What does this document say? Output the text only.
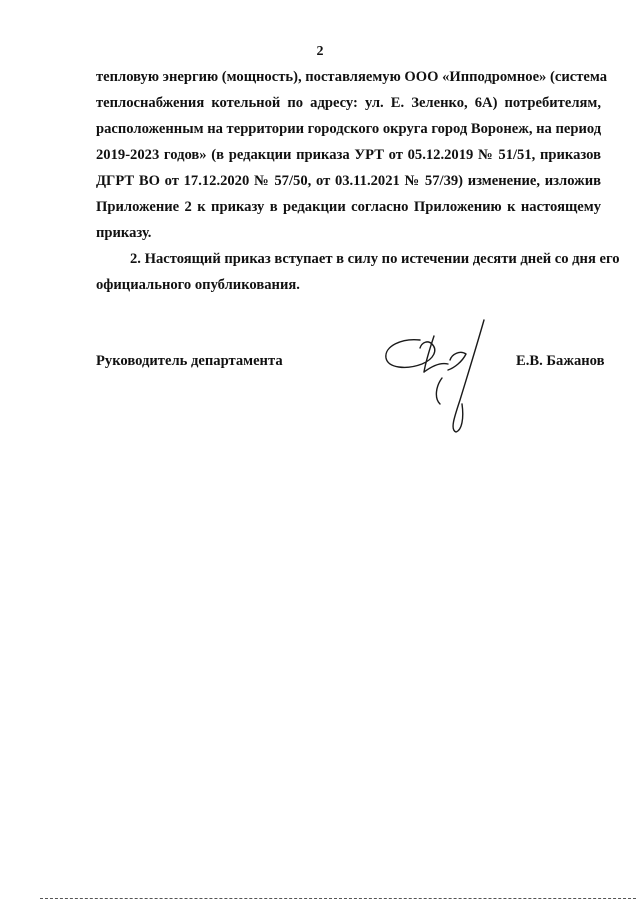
2
тепловую энергию (мощность), поставляемую ООО «Ипподромное» (система
теплоснабжения котельной по адресу: ул. Е. Зеленко, 6А) потребителям,
расположенным на территории городского округа город Воронеж, на период
2019-2023 годов» (в редакции приказа УРТ от 05.12.2019 № 51/51, приказов
ДГРТ ВО от 17.12.2020 № 57/50, от 03.11.2021 № 57/39) изменение, изложив
Приложение 2 к приказу в редакции согласно Приложению к настоящему
приказу.
2. Настоящий приказ вступает в силу по истечении десяти дней со дня его
официального опубликования.
Руководитель департамента	Е.В. Бажанов
